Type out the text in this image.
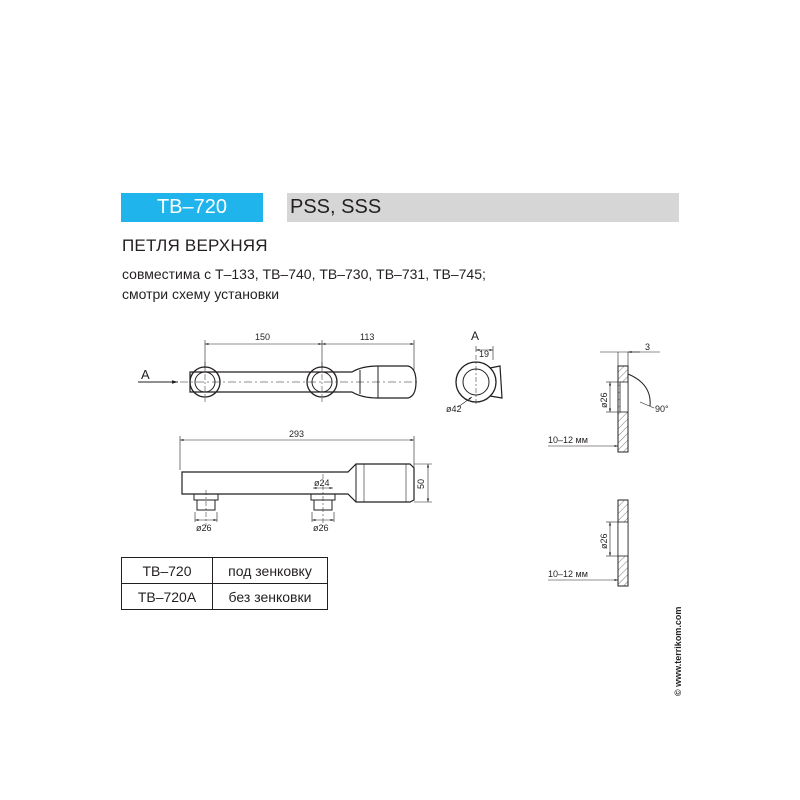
ТВ–720	PSS, SSS
ПЕТЛЯ ВЕРХНЯЯ
совместима с Т–133, ТВ–740, ТВ–730, ТВ–731, ТВ–745;
смотри схему установки
150	113
А
293
50
ø24
ø26	ø26
А
19
ø42
3
ø26
90°
10–12 мм
ø26
10–12 мм
ТВ–720	под зенковку
ТВ–720А	без зенковки
© www.terrikom.com
